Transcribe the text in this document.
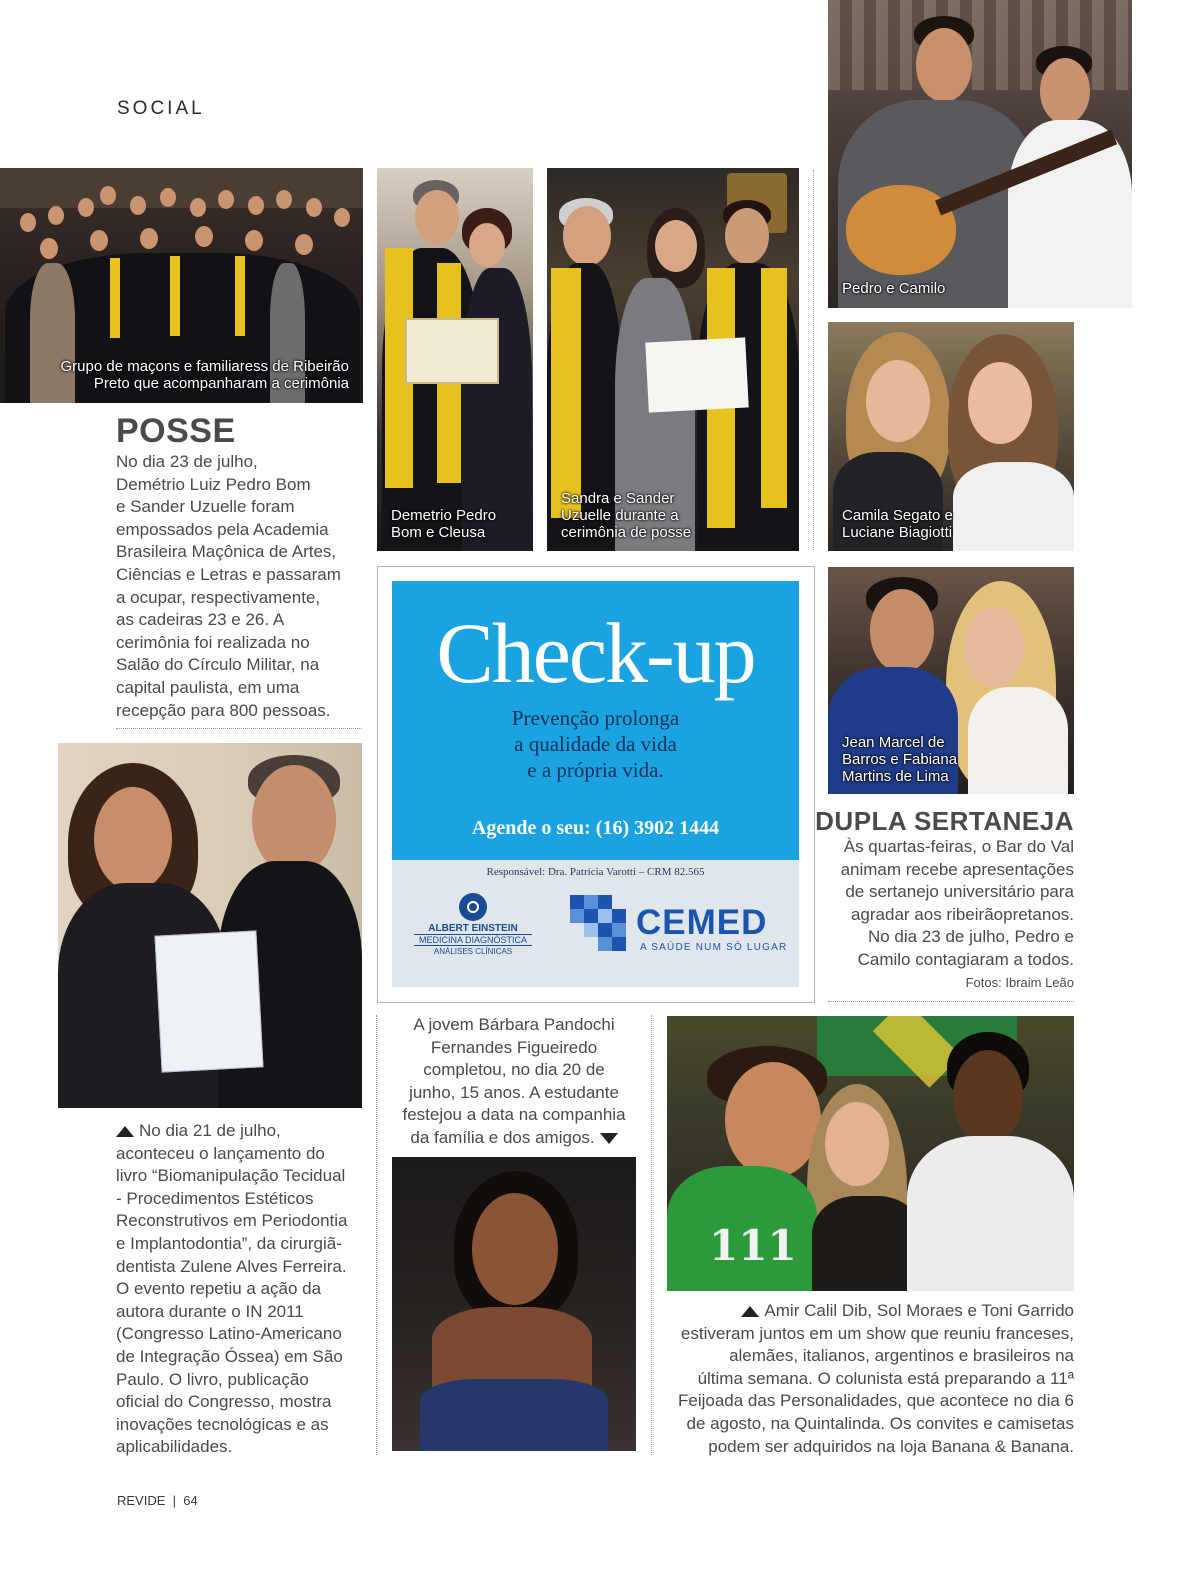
SOCIAL
Grupo de maçons e familiaress de Ribeirão
Preto que acompanharam a cerimônia
Demetrio Pedro
Bom e Cleusa
Sandra e Sander
Uzuelle durante a
cerimônia de posse
Pedro e Camilo
Camila Segato e
Luciane Biagiotti
Jean Marcel de
Barros e Fabiana
Martins de Lima
POSSE
No dia 23 de julho,
Demétrio Luiz Pedro Bom
e Sander Uzuelle foram
empossados pela Academia
Brasileira Maçônica de Artes,
Ciências e Letras e passaram
a ocupar, respectivamente,
as cadeiras 23 e 26. A
cerimônia foi realizada no
Salão do Círculo Militar, na
capital paulista, em uma
recepção para 800 pessoas.
No dia 21 de julho,
aconteceu o lançamento do
livro “Biomanipulação Tecidual
- Procedimentos Estéticos
Reconstrutivos em Periodontia
e Implantodontia”, da cirurgiã-
dentista Zulene Alves Ferreira.
O evento repetiu a ação da
autora durante o IN 2011
(Congresso Latino-Americano
de Integração Óssea) em São
Paulo. O livro, publicação
oficial do Congresso, mostra
inovações tecnológicas e as
aplicabilidades.
Check-up
Prevenção prolonga
a qualidade da vida
e a própria vida.
Agende o seu: (16) 3902 1444
Responsável: Dra. Patrícia Varotti – CRM 82.565
ALBERT EINSTEIN
MEDICINA DIAGNÓSTICA
ANÁLISES CLÍNICAS
CEMED
A SAÚDE NUM SÓ LUGAR
DUPLA SERTANEJA
Às quartas-feiras, o Bar do Val
animam recebe apresentações
de sertanejo universitário para
agradar aos ribeirãopretanos.
No dia 23 de julho, Pedro e
Camilo contagiaram a todos.
Fotos: Ibraim Leão
A jovem Bárbara Pandochi
Fernandes Figueiredo
completou, no dia 20 de
junho, 15 anos. A estudante
festejou a data na companhia
da família e dos amigos.
111
Amir Calil Dib, Sol Moraes e Toni Garrido
estiveram juntos em um show que reuniu franceses,
alemães, italianos, argentinos e brasileiros na
última semana. O colunista está preparando a 11ª
Feijoada das Personalidades, que acontece no dia 6
de agosto, na Quintalinda. Os convites e camisetas
podem ser adquiridos na loja Banana & Banana.
REVIDE  |  64
